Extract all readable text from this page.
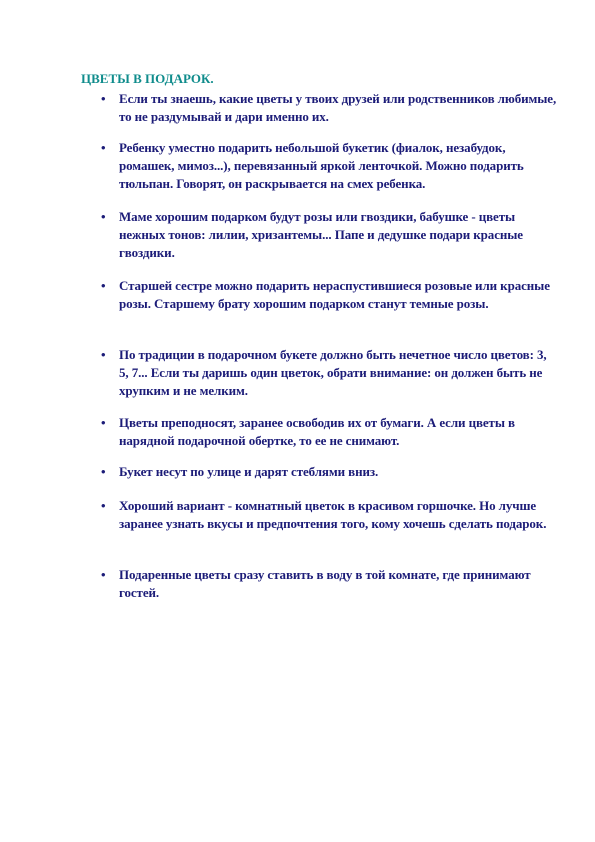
ЦВЕТЫ В ПОДАРОК.
• Если ты знаешь, какие цветы у твоих друзей или родственников любимые, то не раздумывай и дари именно их.

• Ребенку уместно подарить небольшой букетик (фиалок, незабудок, ромашек, мимоз...), перевязанный яркой ленточкой. Можно подарить тюльпан. Говорят, он раскрывается на смех ребенка.

• Маме хорошим подарком будут розы или гвоздики, бабушке - цветы нежных тонов: лилии, хризантемы... Папе и дедушке подари красные гвоздики.

• Старшей сестре можно подарить нераспустившиеся розовые или красные розы. Старшему брату хорошим подарком станут темные розы.

• По традиции в подарочном букете должно быть нечетное число цветов: 3, 5, 7... Если ты даришь один цветок, обрати внимание: он должен быть не хрупким и не мелким.

• Цветы преподносят, заранее освободив их от бумаги. А если цветы в нарядной подарочной обертке, то ее не снимают.

• Букет несут по улице и дарят стеблями вниз.

• Хороший вариант - комнатный цветок в красивом горшочке. Но лучше заранее узнать вкусы и предпочтения того, кому хочешь сделать подарок.

• Подаренные цветы сразу ставить в воду в той комнате, где принимают гостей.
